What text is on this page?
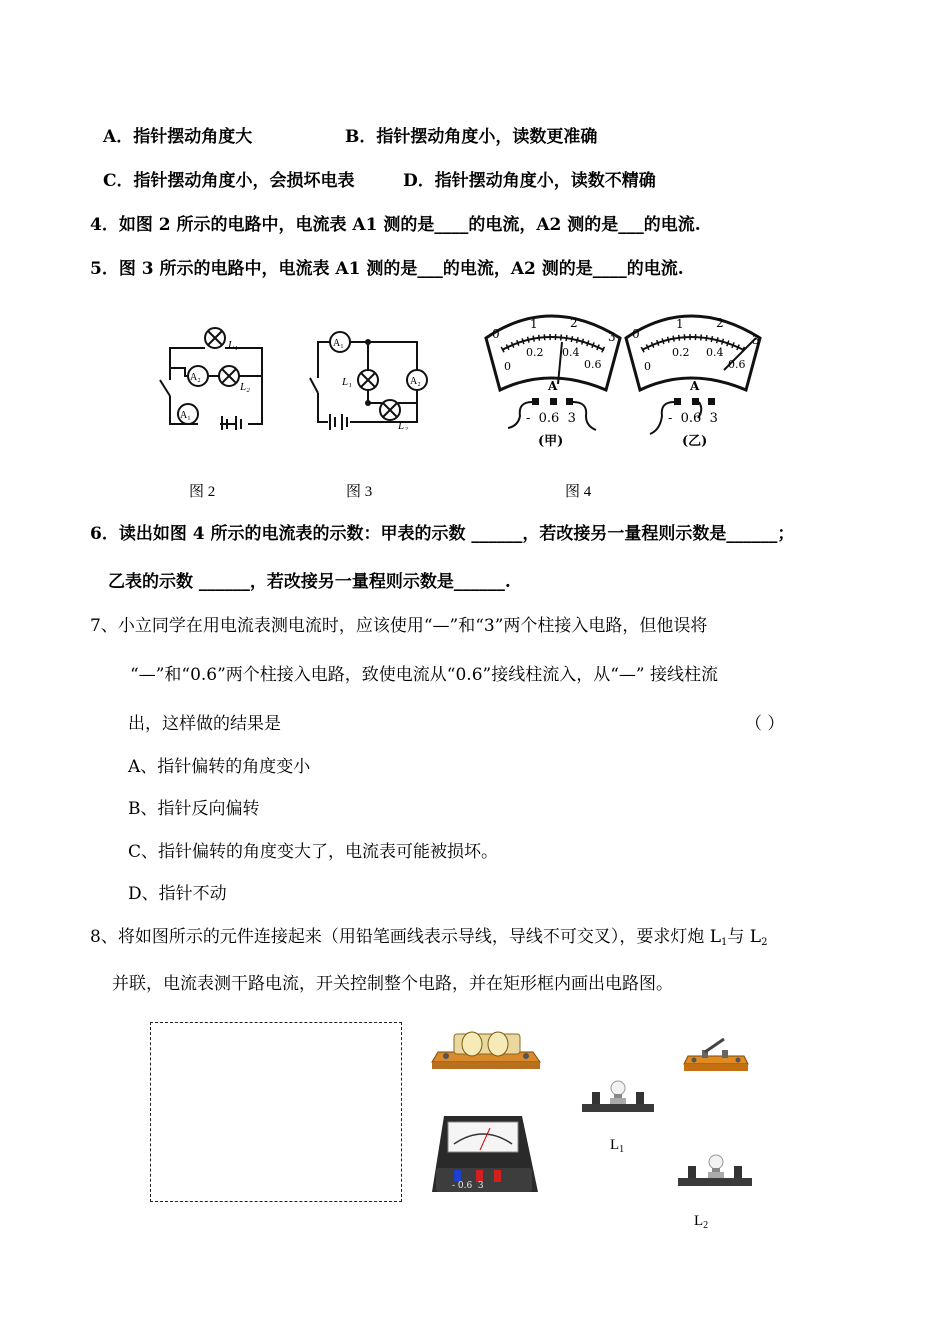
A．指针摆动角度大	B．指针摆动角度小，读数更准确
C．指针摆动角度小，会损坏电表	D．指针摆动角度小，读数不精确
4．如图 2 所示的电路中，电流表 A1 测的是____的电流，A2 测的是___的电流.
5．图 3 所示的电路中，电流表 A1 测的是___的电流，A2 测的是____的电流.
L₁
L₂
A₂
A₁
A₁
L₁	A₂
L₂
0
1	2
3
0
0.2 0.4
0.6
A
-  0.6  3
(甲)
0
1	2
3
0
0.2 0.4
0.6
A
-  0.6  3
(乙)
图 2	图 3	图 4
6．读出如图 4 所示的电流表的示数：甲表的示数 ______，若改接另一量程则示数是______；
乙表的示数 ______，若改接另一量程则示数是______.
7、小立同学在用电流表测电流时，应该使用“—”和“3”两个柱接入电路，但他误将
“—”和“0.6”两个柱接入电路，致使电流从“0.6”接线柱流入，从“—” 接线柱流
出，这样做的结果是	（ ）
A、指针偏转的角度变小
B、指针反向偏转
C、指针偏转的角度变大了，电流表可能被损坏。
D、指针不动
8、将如图所示的元件连接起来（用铅笔画线表示导线，导线不可交叉），要求灯炮 $L_1$与 $L_2$
并联，电流表测干路电流，开关控制整个电路，并在矩形框内画出电路图。
$L_1$
- 0.6  3
$L_2$
